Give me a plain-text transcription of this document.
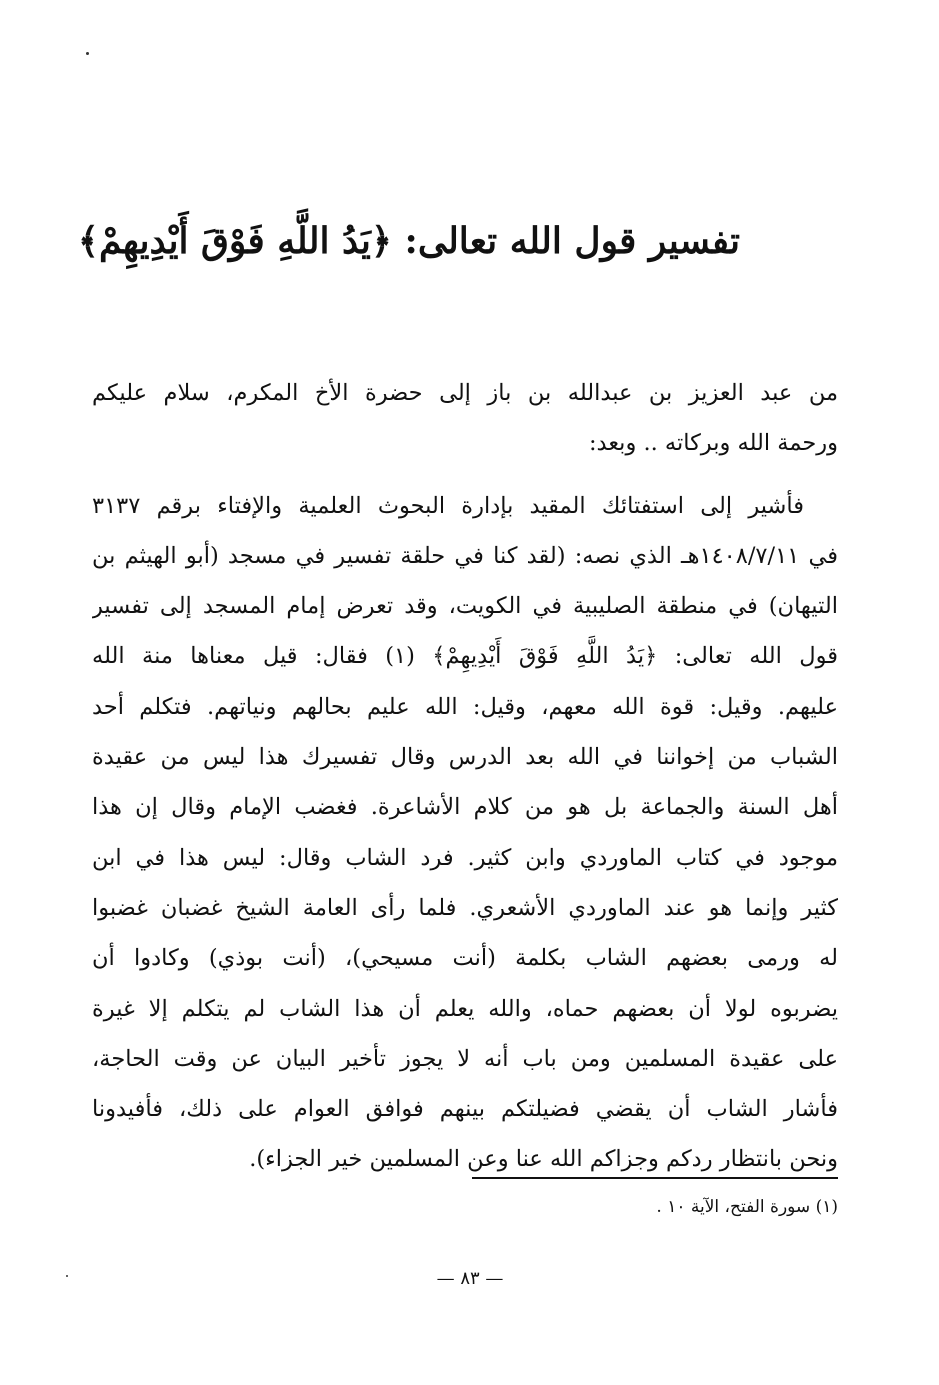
تفسير قول الله تعالى: ﴿يَدُ اللَّهِ فَوْقَ أَيْدِيهِمْ﴾
من عبد العزيز بن عبدالله بن باز إلى حضرة الأخ المكرم، سلام عليكم
ورحمة الله وبركاته .. وبعد:
فأشير إلى استفتائك المقيد بإدارة البحوث العلمية والإفتاء برقم ٣١٣٧
في ١٤٠٨/٧/١١هـ الذي نصه: (لقد كنا في حلقة تفسير في مسجد (أبو الهيثم بن
التيهان) في منطقة الصليبية في الكويت، وقد تعرض إمام المسجد إلى تفسير
قول الله تعالى: ﴿يَدُ اللَّهِ فَوْقَ أَيْدِيهِمْ﴾ (١) فقال: قيل معناها منة الله
عليهم. وقيل: قوة الله معهم، وقيل: الله عليم بحالهم ونياتهم. فتكلم أحد
الشباب من إخواننا في الله بعد الدرس وقال تفسيرك هذا ليس من عقيدة
أهل السنة والجماعة بل هو من كلام الأشاعرة. فغضب الإمام وقال إن هذا
موجود في كتاب الماوردي وابن كثير. فرد الشاب وقال: ليس هذا في ابن
كثير وإنما هو عند الماوردي الأشعري. فلما رأى العامة الشيخ غضبان غضبوا
له ورمى بعضهم الشاب بكلمة (أنت مسيحي)، (أنت بوذي) وكادوا أن
يضربوه لولا أن بعضهم حماه، والله يعلم أن هذا الشاب لم يتكلم إلا غيرة
على عقيدة المسلمين ومن باب أنه لا يجوز تأخير البيان عن وقت الحاجة،
فأشار الشاب أن يقضي فضيلتكم بينهم فوافق العوام على ذلك، فأفيدونا
ونحن بانتظار ردكم وجزاكم الله عنا وعن المسلمين خير الجزاء).
(١) سورة الفتح، الآية ١٠ .
— ٨٣ —
